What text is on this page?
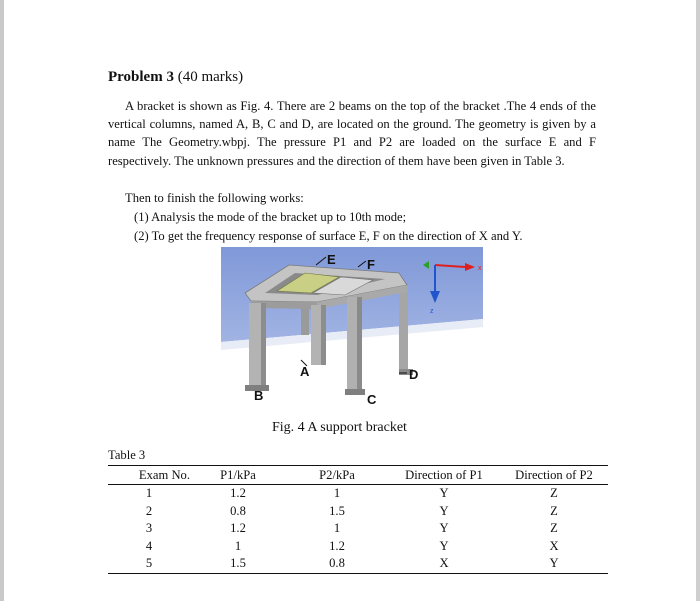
Problem 3 (40 marks)
A bracket is shown as Fig. 4. There are 2 beams on the top of the bracket .The 4 ends of the vertical columns, named A, B, C and D, are located on the ground. The geometry is given by a name The Geometry.wbpj. The pressure P1 and P2 are loaded on the surface E and F respectively. The unknown pressures and the direction of them have been given in Table 3.
Then to finish the following works:
(1) Analysis the mode of the bracket up to 10th mode;
(2) To get the frequency response of surface E, F on the direction of X and Y.
E F
A
B	C
D
x
z
Fig. 4 A support bracket
Table 3
Exam No.	P1/kPa	P2/kPa	Direction of P1	Direction of P2
1	1.2	1	Y	Z
2	0.8	1.5	Y	Z
3	1.2	1	Y	Z
4	1	1.2	Y	X
5	1.5	0.8	X	Y
